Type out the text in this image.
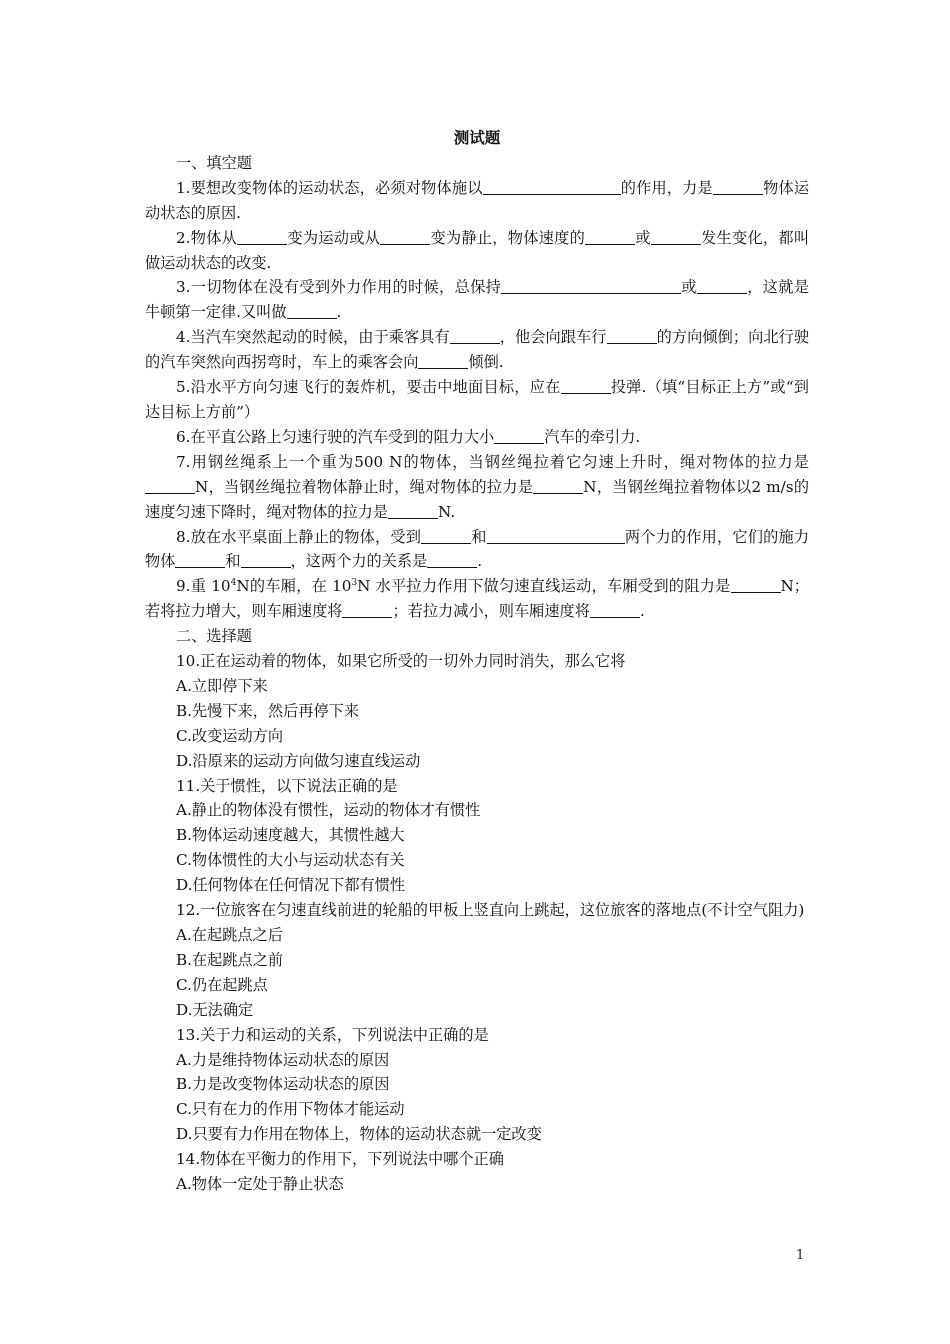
测试题
一、填空题

1.要想改变物体的运动状态，必须对物体施以	的作用，力是	物体运动状态的原因.

2.物体从	变为运动或从	变为静止，物体速度的	或	发生变化，都叫做运动状态的改变.

3.一切物体在没有受到外力作用的时候，总保持	或	，这就是牛顿第一定律.又叫做	.

4.当汽车突然起动的时候，由于乘客具有	，他会向跟车行	的方向倾倒；向北行驶的汽车突然向西拐弯时，车上的乘客会向	倾倒.

5.沿水平方向匀速飞行的轰炸机，要击中地面目标，应在	投弹.（填“目标正上方”或“到达目标上方前”）

6.在平直公路上匀速行驶的汽车受到的阻力大小	汽车的牵引力.

7.用钢丝绳系上一个重为500 N的物体，当钢丝绳拉着它匀速上升时，绳对物体的拉力是N，当钢丝绳拉着物体静止时，绳对物体的拉力是	N，当钢丝绳拉着物体以2 m/s的速度匀速下降时，绳对物体的拉力是	N.

8.放在水平桌面上静止的物体，受到	和	两个力的作用，它们的施力物体	和	，这两个力的关系是	.

9.重 $10^4N$的车厢，在 $10^3N$ 水平拉力作用下做匀速直线运动，车厢受到的阻力是	N；若将拉力增大，则车厢速度将	；若拉力减小，则车厢速度将	.

二、选择题

10.正在运动着的物体，如果它所受的一切外力同时消失，那么它将

A.立即停下来
B.先慢下来，然后再停下来
C.改变运动方向
D.沿原来的运动方向做匀速直线运动

11.关于惯性，以下说法正确的是

A.静止的物体没有惯性，运动的物体才有惯性
B.物体运动速度越大，其惯性越大
C.物体惯性的大小与运动状态有关
D.任何物体在任何情况下都有惯性

12.一位旅客在匀速直线前进的轮船的甲板上竖直向上跳起，这位旅客的落地点(不计空气阻力)

A.在起跳点之后
B.在起跳点之前
C.仍在起跳点
D.无法确定

13.关于力和运动的关系，下列说法中正确的是

A.力是维持物体运动状态的原因
B.力是改变物体运动状态的原因
C.只有在力的作用下物体才能运动
D.只要有力作用在物体上，物体的运动状态就一定改变

14.物体在平衡力的作用下，下列说法中哪个正确

A.物体一定处于静止状态
1
